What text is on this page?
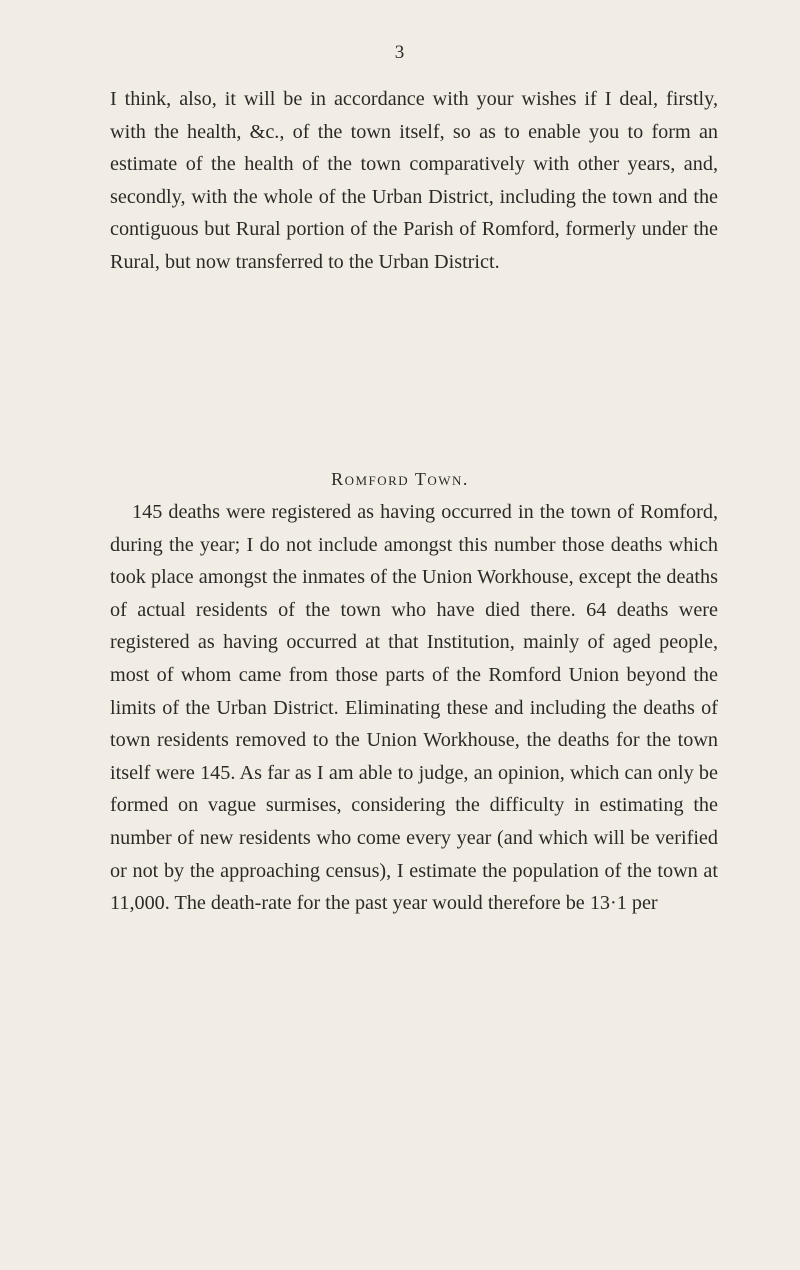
3

I think, also, it will be in accordance with your wishes if I deal, firstly, with the health, &c., of the town itself, so as to enable you to form an estimate of the health of the town comparatively with other years, and, secondly, with the whole of the Urban District, including the town and the contiguous but Rural portion of the Parish of Romford, formerly under the Rural, but now transferred to the Urban District.

Romford Town.

145 deaths were registered as having occurred in the town of Romford, during the year; I do not include amongst this number those deaths which took place amongst the inmates of the Union Workhouse, except the deaths of actual residents of the town who have died there. 64 deaths were registered as having occurred at that Institution, mainly of aged people, most of whom came from those parts of the Romford Union beyond the limits of the Urban District. Eliminating these and including the deaths of town residents removed to the Union Workhouse, the deaths for the town itself were 145. As far as I am able to judge, an opinion, which can only be formed on vague surmises, considering the difficulty in estimating the number of new residents who come every year (and which will be verified or not by the approaching census), I estimate the population of the town at 11,000. The death-rate for the past year would therefore be 13·1 per
